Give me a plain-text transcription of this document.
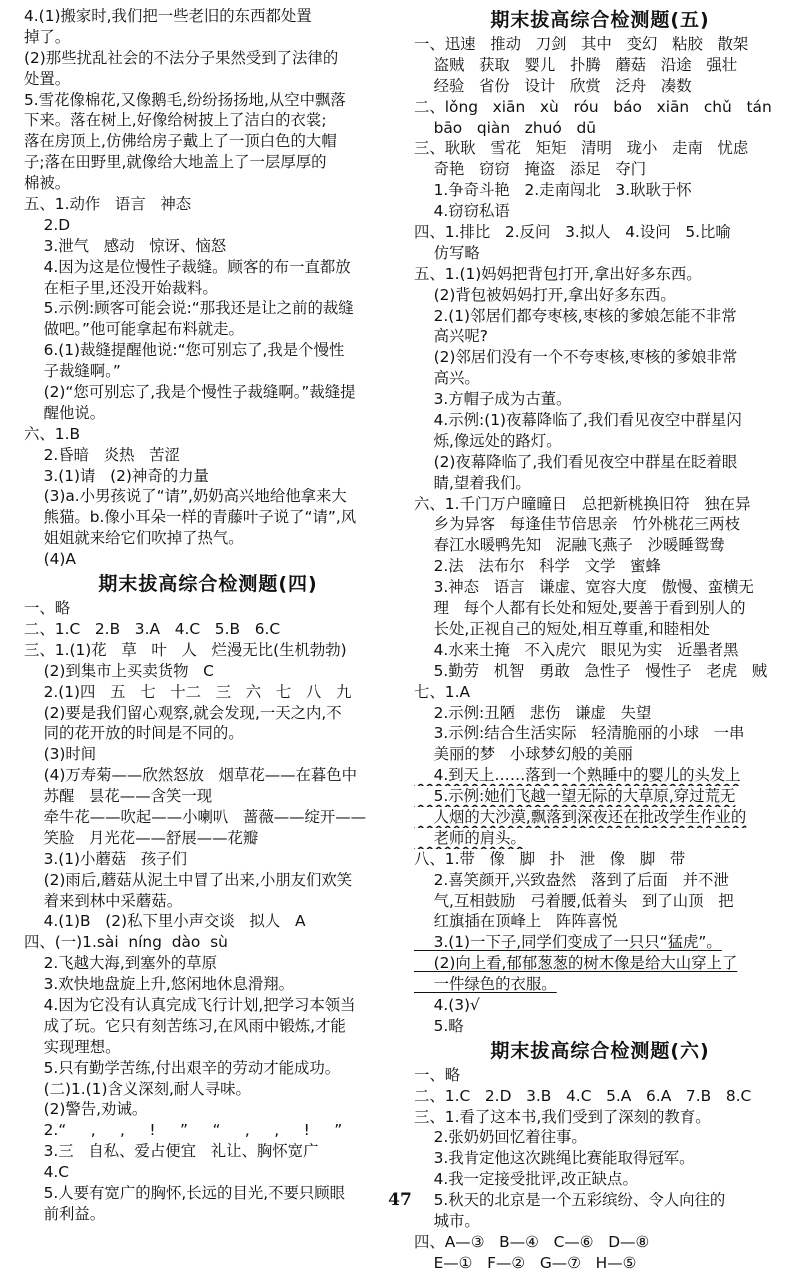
4.(1)搬家时,我们把一些老旧的东西都处置
掉了。
(2)那些扰乱社会的不法分子果然受到了法律的
处置。
5.雪花像棉花,又像鹅毛,纷纷扬扬地,从空中飘落
下来。落在树上,好像给树披上了洁白的衣裳;
落在房顶上,仿佛给房子戴上了一顶白色的大帽
子;落在田野里,就像给大地盖上了一层厚厚的
棉被。
五、1.动作   语言   神态
2.D
3.泄气   感动   惊讶、恼怒
4.因为这是位慢性子裁缝。顾客的布一直都放
在柜子里,还没开始裁料。
5.示例:顾客可能会说:“那我还是让之前的裁缝
做吧。”他可能拿起布料就走。
6.(1)裁缝提醒他说:“您可别忘了,我是个慢性
子裁缝啊。”
(2)“您可别忘了,我是个慢性子裁缝啊。”裁缝提
醒他说。
六、1.B
2.昏暗   炎热   苦涩
3.(1)请   (2)神奇的力量
(3)a.小男孩说了“请”,奶奶高兴地给他拿来大
熊猫。b.像小耳朵一样的青藤叶子说了“请”,风
姐姐就来给它们吹掉了热气。
(4)A
期末拔高综合检测题(四)
一、略
二、1.C   2.B   3.A   4.C   5.B   6.C
三、1.(1)花   草   叶   人   烂漫无比(生机勃勃)
(2)到集市上买卖货物   C
2.(1)四   五   七   十二   三   六   七   八   九
(2)要是我们留心观察,就会发现,一天之内,不
同的花开放的时间是不同的。
(3)时间
(4)万寿菊——欣然怒放   烟草花——在暮色中
苏醒   昙花——含笑一现
牵牛花——吹起——小喇叭   蔷薇——绽开——
笑脸   月光花——舒展——花瓣
3.(1)小蘑菇   孩子们
(2)雨后,蘑菇从泥土中冒了出来,小朋友们欢笑
着来到林中采蘑菇。
4.(1)B   (2)私下里小声交谈   拟人   A
四、(一)1.sài  níng  dào  sù
2.飞越大海,到塞外的草原
3.欢快地盘旋上升,悠闲地休息滑翔。
4.因为它没有认真完成飞行计划,把学习本领当
成了玩。它只有刻苦练习,在风雨中锻炼,才能
实现理想。
5.只有勤学苦练,付出艰辛的劳动才能成功。
(二)1.(1)含义深刻,耐人寻味。
(2)警告,劝诫。
2.“     ,     ,     !     ”     “     ,     ,     !     ”
3.三   自私、爱占便宜   礼让、胸怀宽广
4.C
5.人要有宽广的胸怀,长远的目光,不要只顾眼
前利益。
期末拔高综合检测题(五)
一、迅速   推动   刀剑   其中   变幻   粘胶   散架
盗贼   获取   婴儿   扑腾   蘑菇   沿途   强壮
经验   省份   设计   欣赏   泛舟   凑数
二、lǒng   xiān   xù   róu   báo   xiān   chǔ   tán
bāo   qiàn   zhuó   dū
三、耿耿   雪花   矩矩   清明   珑小   走南   忧虑
奇艳   窃窃   掩盗   添足   夺门
1.争奇斗艳   2.走南闯北   3.耿耿于怀
4.窃窃私语
四、1.排比   2.反问   3.拟人   4.设问   5.比喻
仿写略
五、1.(1)妈妈把背包打开,拿出好多东西。
(2)背包被妈妈打开,拿出好多东西。
2.(1)邻居们都夸枣核,枣核的爹娘怎能不非常
高兴呢?
(2)邻居们没有一个不夸枣核,枣核的爹娘非常
高兴。
3.方帽子成为古董。
4.示例:(1)夜幕降临了,我们看见夜空中群星闪
烁,像远处的路灯。
(2)夜幕降临了,我们看见夜空中群星在眨着眼
睛,望着我们。
六、1.千门万户曈曈日   总把新桃换旧符   独在异
乡为异客   每逢佳节倍思亲   竹外桃花三两枝
春江水暖鸭先知   泥融飞燕子   沙暖睡鸳鸯
2.法   法布尔   科学   文学   蜜蜂
3.神态   语言   谦虚、宽容大度   傲慢、蛮横无
理   每个人都有长处和短处,要善于看到别人的
长处,正视自己的短处,相互尊重,和睦相处
4.水来土掩   不入虎穴   眼见为实   近墨者黑
5.勤劳   机智   勇敢   急性子   慢性子   老虎   贼
七、1.A
2.示例:丑陋   悲伤   谦虚   失望
3.示例:结合生活实际   轻清脆丽的小球   一串
美丽的梦   小球梦幻般的美丽
4.到天上……落到一个熟睡中的婴儿的头发上
5.示例:她们飞越一望无际的大草原,穿过荒无
人烟的大沙漠,飘落到深夜还在批改学生作业的
老师的肩头。
八、1.带   像   脚   扑   泄   像   脚   带
2.喜笑颜开,兴致盎然   落到了后面   并不泄
气,互相鼓励   弓着腰,低着头   到了山顶   把
红旗插在顶峰上   阵阵喜悦
3.(1)一下子,同学们变成了一只只“猛虎”。
(2)向上看,郁郁葱葱的树木像是给大山穿上了
一件绿色的衣服。
4.(3)√
5.略
期末拔高综合检测题(六)
一、略
二、1.C   2.D   3.B   4.C   5.A   6.A   7.B   8.C
三、1.看了这本书,我们受到了深刻的教育。
2.张奶奶回忆着往事。
3.我肯定他这次跳绳比赛能取得冠军。
4.我一定接受批评,改正缺点。
5.秋天的北京是一个五彩缤纷、令人向往的
城市。
四、A—③   B—④   C—⑥   D—⑧
E—①   F—②   G—⑦   H—⑤
47
